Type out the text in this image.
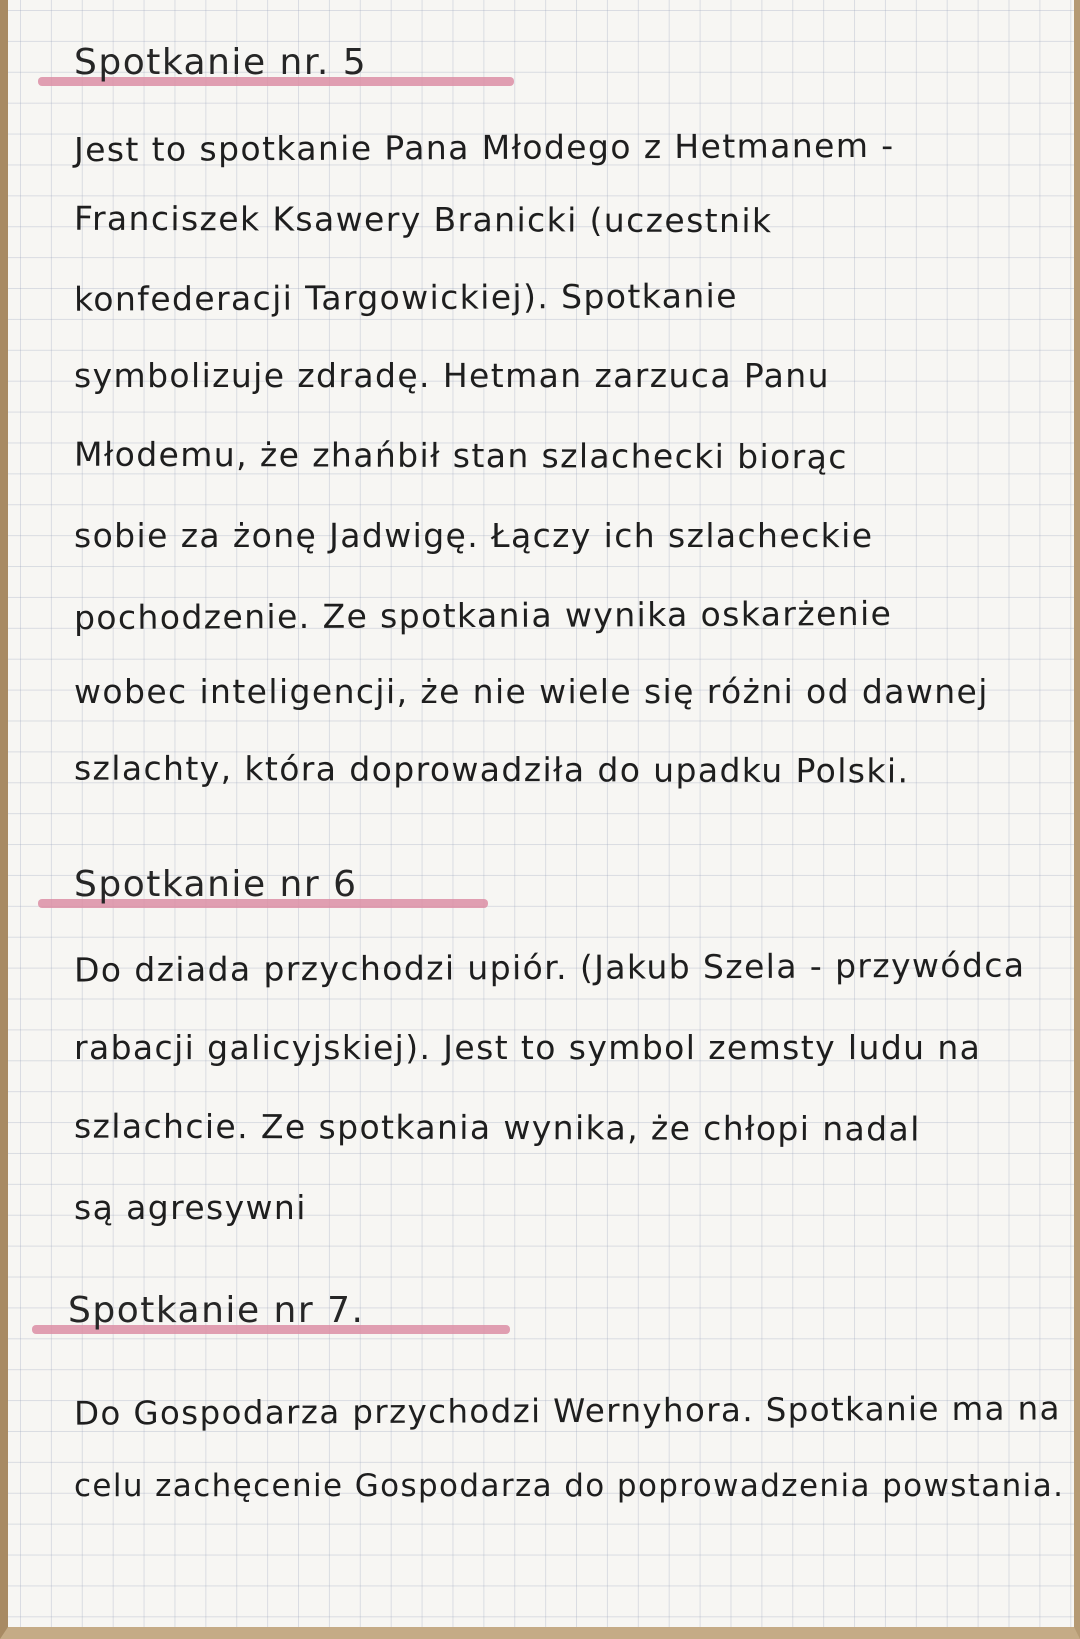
Spotkanie nr. 5
Jest to spotkanie Pana Młodego z Hetmanem -
Franciszek Ksawery Branicki (uczestnik
konfederacji Targowickiej). Spotkanie
symbolizuje zdradę. Hetman zarzuca Panu
Młodemu, że zhańbił stan szlachecki biorąc
sobie za żonę Jadwigę. Łączy ich szlacheckie
pochodzenie. Ze spotkania wynika oskarżenie
wobec inteligencji, że nie wiele się różni od dawnej
szlachty, która doprowadziła do upadku Polski.
Spotkanie nr 6
Do dziada przychodzi upiór. (Jakub Szela - przywódca
rabacji galicyjskiej). Jest to symbol zemsty ludu na
szlachcie. Ze spotkania wynika, że chłopi nadal
są agresywni
Spotkanie nr 7.
Do Gospodarza przychodzi Wernyhora. Spotkanie ma na
celu zachęcenie Gospodarza do poprowadzenia powstania.
